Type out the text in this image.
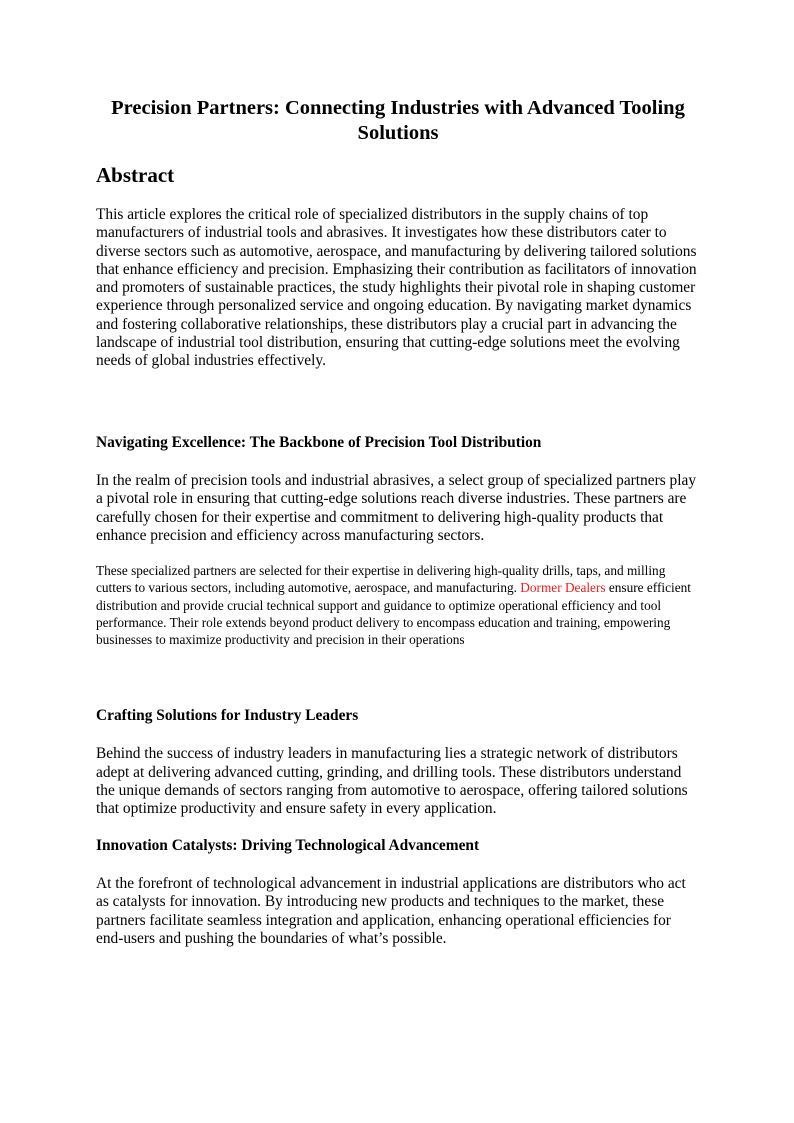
Precision Partners: Connecting Industries with Advanced Tooling Solutions
Abstract

This article explores the critical role of specialized distributors in the supply chains of top manufacturers of industrial tools and abrasives. It investigates how these distributors cater to diverse sectors such as automotive, aerospace, and manufacturing by delivering tailored solutions that enhance efficiency and precision. Emphasizing their contribution as facilitators of innovation and promoters of sustainable practices, the study highlights their pivotal role in shaping customer experience through personalized service and ongoing education. By navigating market dynamics and fostering collaborative relationships, these distributors play a crucial part in advancing the landscape of industrial tool distribution, ensuring that cutting-edge solutions meet the evolving needs of global industries effectively.

Navigating Excellence: The Backbone of Precision Tool Distribution

In the realm of precision tools and industrial abrasives, a select group of specialized partners play a pivotal role in ensuring that cutting-edge solutions reach diverse industries. These partners are carefully chosen for their expertise and commitment to delivering high-quality products that enhance precision and efficiency across manufacturing sectors.

These specialized partners are selected for their expertise in delivering high-quality drills, taps, and milling cutters to various sectors, including automotive, aerospace, and manufacturing. Dormer Dealers ensure efficient distribution and provide crucial technical support and guidance to optimize operational efficiency and tool performance. Their role extends beyond product delivery to encompass education and training, empowering businesses to maximize productivity and precision in their operations

Crafting Solutions for Industry Leaders

Behind the success of industry leaders in manufacturing lies a strategic network of distributors adept at delivering advanced cutting, grinding, and drilling tools. These distributors understand the unique demands of sectors ranging from automotive to aerospace, offering tailored solutions that optimize productivity and ensure safety in every application.

Innovation Catalysts: Driving Technological Advancement

At the forefront of technological advancement in industrial applications are distributors who act as catalysts for innovation. By introducing new products and techniques to the market, these partners facilitate seamless integration and application, enhancing operational efficiencies for end-users and pushing the boundaries of what’s possible.
